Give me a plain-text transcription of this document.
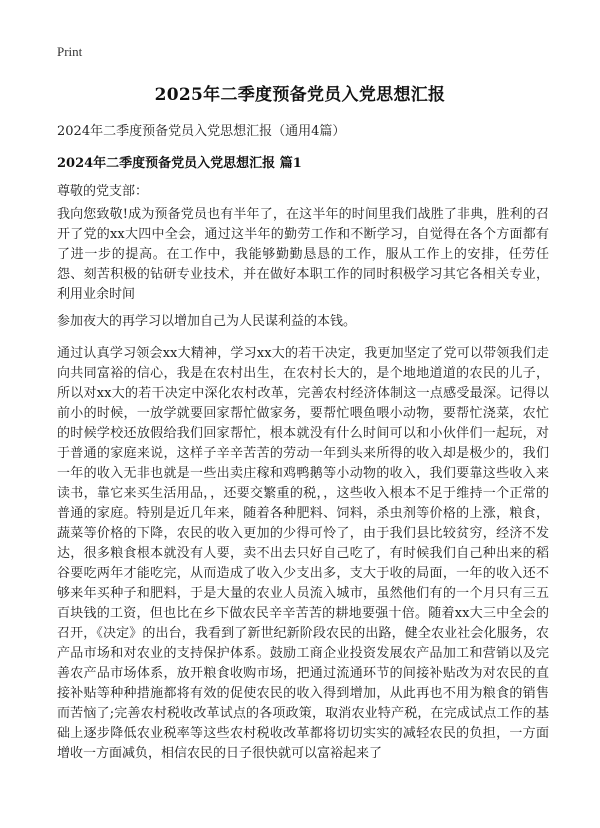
Print
2025年二季度预备党员入党思想汇报
2024年二季度预备党员入党思想汇报（通用4篇）
2024年二季度预备党员入党思想汇报 篇1
尊敬的党支部：

我向您致敬!成为预备党员也有半年了，在这半年的时间里我们战胜了非典，胜利的召开了党的xx大四中全会，通过这半年的勤劳工作和不断学习，自觉得在各个方面都有了进一步的提高。在工作中，我能够勤勤恳恳的工作，服从工作上的安排，任劳任怨、刻苦积极的钻研专业技术，并在做好本职工作的同时积极学习其它各相关专业，利用业余时间

参加夜大的再学习以增加自己为人民谋利益的本钱。

通过认真学习领会xx大精神，学习xx大的若干决定，我更加坚定了党可以带领我们走向共同富裕的信心，我是在农村出生，在农村长大的，是个地地道道的农民的儿子，所以对xx大的若干决定中深化农村改革，完善农村经济体制这一点感受最深。记得以前小的时候，一放学就要回家帮忙做家务，要帮忙喂鱼喂小动物，要帮忙浇菜，农忙的时候学校还放假给我们回家帮忙，根本就没有什么时间可以和小伙伴们一起玩，对于普通的家庭来说，这样子辛辛苦苦的劳动一年到头来所得的收入却是极少的，我们一年的收入无非也就是一些出卖庄稼和鸡鸭鹅等小动物的收入，我们要靠这些收入来读书，靠它来买生活用品，，还要交繁重的税，，这些收入根本不足于维持一个正常的普通的家庭。特别是近几年来，随着各种肥料、饲料，杀虫剂等价格的上涨，粮食，蔬菜等价格的下降，农民的收入更加的少得可怜了，由于我们县比较贫穷，经济不发达，很多粮食根本就没有人要，卖不出去只好自己吃了，有时候我们自己种出来的稻谷要吃两年才能吃完，从而造成了收入少支出多，支大于收的局面，一年的收入还不够来年买种子和肥料，于是大量的农业人员流入城市，虽然他们有的一个月只有三五百块钱的工资，但也比在乡下做农民辛辛苦苦的耕地要强十倍。随着xx大三中全会的召开，《决定》的出台，我看到了新世纪新阶段农民的出路，健全农业社会化服务，农产品市场和对农业的支持保护体系。鼓励工商企业投资发展农产品加工和营销以及完善农产品市场体系，放开粮食收购市场，把通过流通环节的间接补贴改为对农民的直接补贴等种种措施都将有效的促使农民的收入得到增加，从此再也不用为粮食的销售而苦恼了;完善农村税收改革试点的各项政策，取消农业特产税，在完成试点工作的基础上逐步降低农业税率等这些农村税收改革都将切切实实的减轻农民的负担，一方面增收一方面减负，相信农民的日子很快就可以富裕起来了
